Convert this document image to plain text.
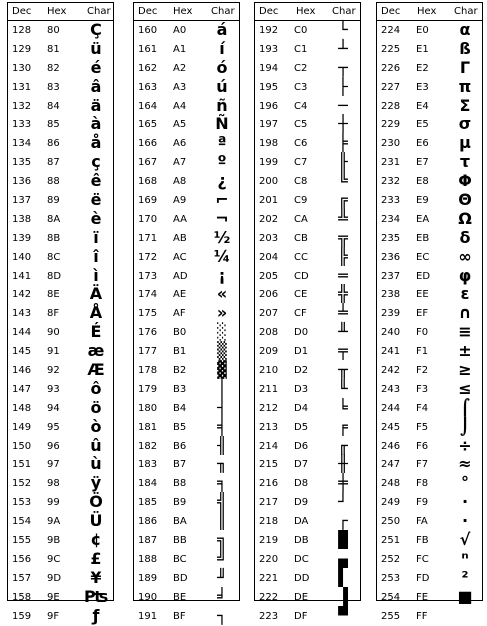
Dec Hex Char
128 80	Ç
129 81	ü
130 82	é
131 83	â
132 84	ä
133 85	à
134 86	å
135 87	ç
136 88	ê
137 89	ë
138 8A	è
139 8B	ï
140 8C	î
141 8D	ì
142 8E	Ä
143 8F	Å
144 90	É
145 91 æ
146 92 Æ
147 93	ô
148 94	ö
149 95	ò
150 96	û
151 97	ù
152 98	ÿ
153 99	Ö
154 9A	Ü
155 9B	¢
156 9C	£
157 9D	¥
158 9E ₧
159 9F	ƒ
Dec Hex Char
160 A0	á
161 A1	í
162 A2	ó
163 A3	ú
164 A4	ñ
165 A5	Ñ
166 A6	ª
167 A7	º
168 A8	¿
169 A9	⌐
170 AA	¬
171 AB ½
172 AC ¼
173 AD	¡
174 AE	«
175 AF	»
176 B0	░
177 B1	▒
178 B2	▓
179 B3	│
180 B4	┤
181 B5	╡
182 B6	╢
183 B7	╖
184 B8	╕
185 B9	╣
186 BA	║
187 BB	╗
188 BC	╝
189 BD	╜
190 BE	╛
191 BF	┐
Dec Hex Char
192 C0	└
193 C1	┴
194 C2	┬
195 C3	├
196 C4	─
197 C5	┼
198 C6	╞
199 C7	╟
200 C8	╚
201 C9	╔
202 CA	╩
203 CB	╦
204 CC	╠
205 CD	═
206 CE	╬
207 CF	╧
208 D0	╨
209 D1	╤
210 D2	╥
211 D3	╙
212 D4	╘
213 D5	╒
214 D6	╓
215 D7	╫
216 D8	╪
217 D9	┘
218 DA	┌
219 DB	█
220 DC	▄
221 DD	▌
222 DE	▐
223 DF	▀
Dec Hex Char
224 E0	α
225 E1	ß
226 E2	Γ
227 E3	π
228 E4	Σ
229 E5	σ
230 E6	µ
231 E7	τ
232 E8	Φ
233 E9	Θ
234 EA	Ω
235 EB	δ
236 EC	∞
237 ED	φ
238 EE	ε
239 EF	∩
240 F0	≡
241 F1	±
242 F2	≥
243 F3	≤
244 F4	⌠
245 F5	⌡
246 F6	÷
247 F7	≈
248 F8	°
249 F9	∙
250 FA	·
251 FB	√
252 FC	ⁿ
253 FD	²
254 FE ■
255 FF
